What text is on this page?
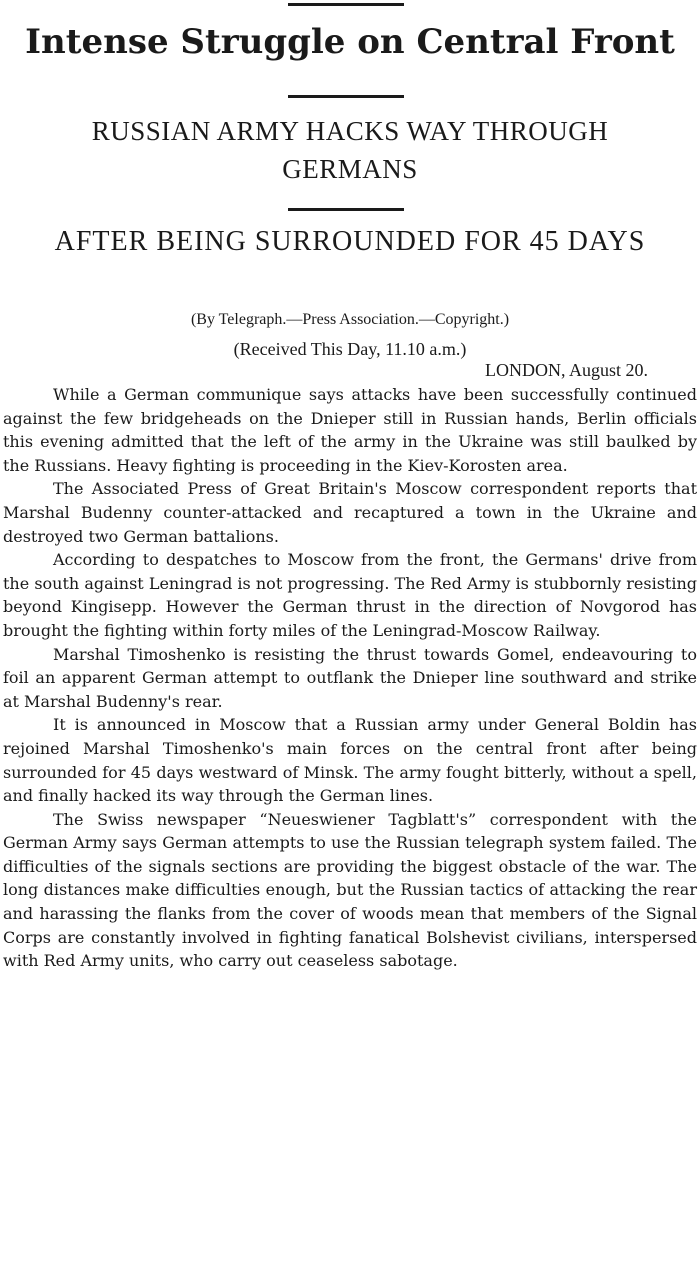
Intense Struggle on Central Front
RUSSIAN ARMY HACKS WAY THROUGH GERMANS
AFTER BEING SURROUNDED FOR 45 DAYS

(By Telegraph.—Press Association.—Copyright.)

(Received This Day, 11.10 a.m.)

LONDON, August 20.

While a German communique says attacks have been successfully continued against the few bridgeheads on the Dnieper still in Russian hands, Berlin officials this evening admitted that the left of the army in the Ukraine was still baulked by the Russians. Heavy fighting is proceeding in the Kiev-Korosten area.

The Associated Press of Great Britain's Moscow correspondent reports that Marshal Budenny counter-attacked and recaptured a town in the Ukraine and destroyed two German battalions.

According to despatches to Moscow from the front, the Germans' drive from the south against Leningrad is not progressing. The Red Army is stubbornly resisting beyond Kingisepp. However the German thrust in the direction of Novgorod has brought the fighting within forty miles of the Leningrad-Moscow Railway.

Marshal Timoshenko is resisting the thrust towards Gomel, endeavouring to foil an apparent German attempt to outflank the Dnieper line southward and strike at Marshal Budenny's rear.

It is announced in Moscow that a Russian army under General Boldin has rejoined Marshal Timoshenko's main forces on the central front after being surrounded for 45 days westward of Minsk. The army fought bitterly, without a spell, and finally hacked its way through the German lines.

The Swiss newspaper “Neueswiener Tagblatt's” correspondent with the German Army says German attempts to use the Russian telegraph system failed. The difficulties of the signals sections are providing the biggest obstacle of the war. The long distances make difficulties enough, but the Russian tactics of attacking the rear and harassing the flanks from the cover of woods mean that members of the Signal Corps are constantly involved in fighting fanatical Bolshevist civilians, interspersed with Red Army units, who carry out ceaseless sabotage.
